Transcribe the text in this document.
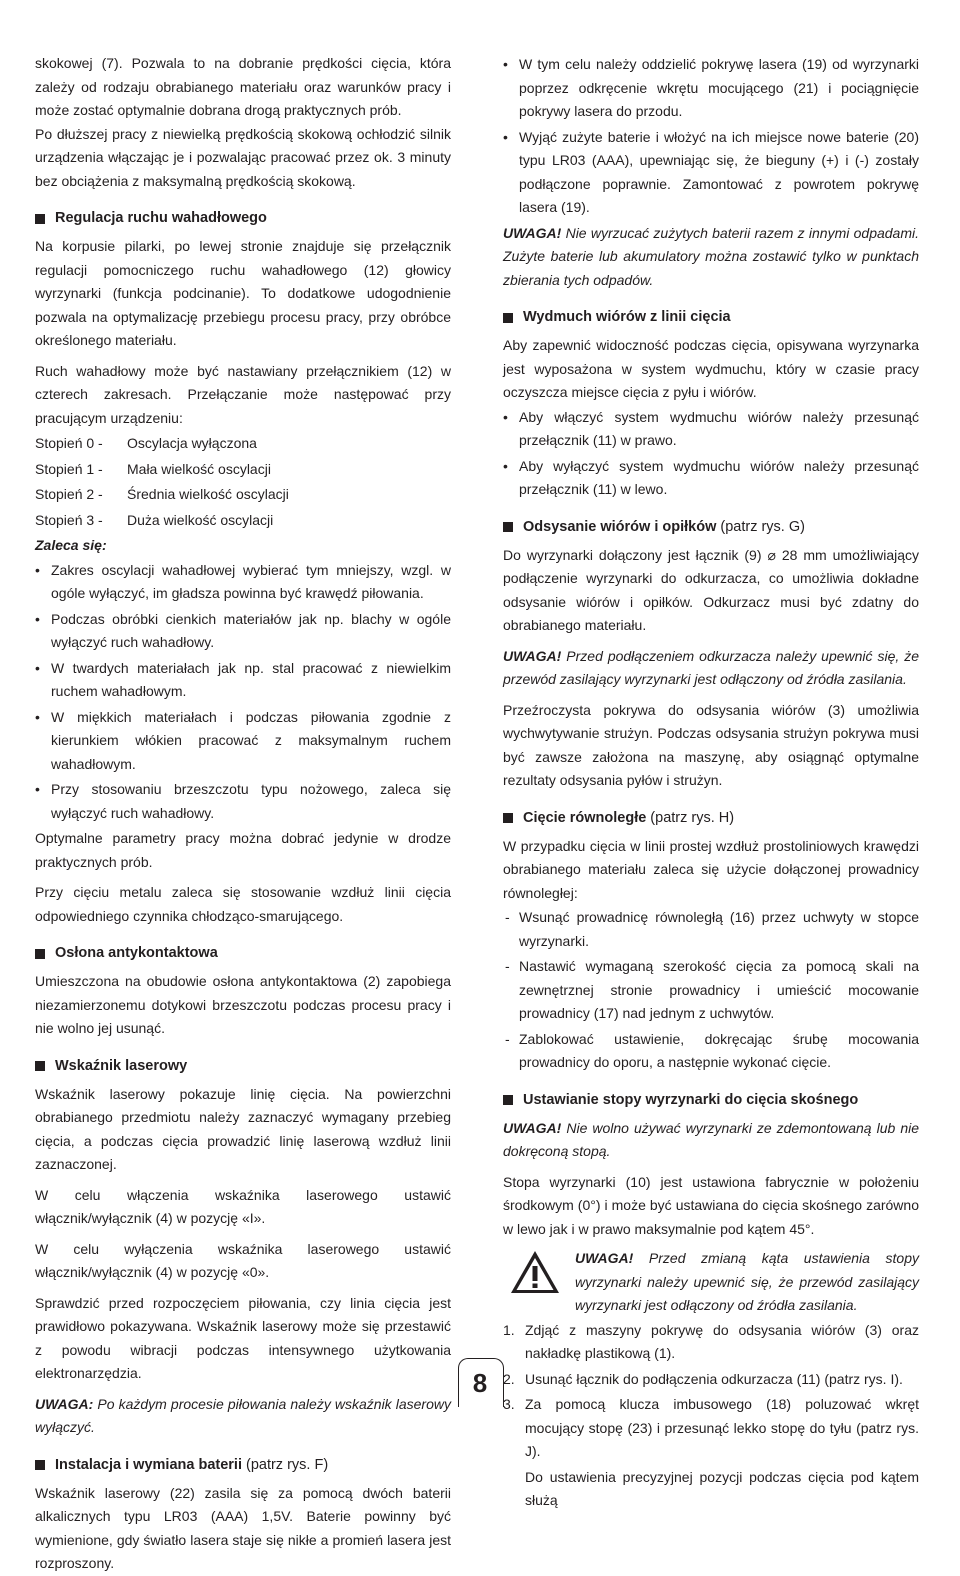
skokowej (7). Pozwala to na dobranie prędkości cięcia, która zależy od rodzaju obrabianego materiału oraz warunków pracy i może zostać optymalnie dobrana drogą praktycznych prób.

Po dłuższej pracy z niewielką prędkością skokową ochłodzić silnik urządzenia włączając je i pozwalając pracować przez ok. 3 minuty bez obciążenia z maksymalną prędkością skokową.

Regulacja ruchu wahadłowego

Na korpusie pilarki, po lewej stronie znajduje się przełącznik regulacji pomocniczego ruchu wahadłowego (12) głowicy wyrzynarki (funkcja podcinanie). To dodatkowe udogodnienie pozwala na optymalizację przebiegu procesu pracy, przy obróbce określonego materiału.

Ruch wahadłowy może być nastawiany przełącznikiem (12) w czterech zakresach. Przełączanie może następować przy pracującym urządzeniu:

Stopień 0 -	Oscylacja wyłączona
Stopień 1 -	Mała wielkość oscylacji
Stopień 2 -	Średnia wielkość oscylacji
Stopień 3 -	Duża wielkość oscylacji

Zaleca się:

• Zakres oscylacji wahadłowej wybierać tym mniejszy, wzgl. w ogóle wyłączyć, im gładsza powinna być krawędź piłowania.
• Podczas obróbki cienkich materiałów jak np. blachy w ogóle wyłączyć ruch wahadłowy.
• W twardych materiałach jak np. stal pracować z niewielkim ruchem wahadłowym.
• W miękkich materiałach i podczas piłowania zgodnie z kierunkiem włókien pracować z maksymalnym ruchem wahadłowym.
• Przy stosowaniu brzeszczotu typu nożowego, zaleca się wyłączyć ruch wahadłowy.

Optymalne parametry pracy można dobrać jedynie w drodze praktycznych prób.

Przy cięciu metalu zaleca się stosowanie wzdłuż linii cięcia odpowiedniego czynnika chłodząco-smarującego.

Osłona antykontaktowa

Umieszczona na obudowie osłona antykontaktowa (2) zapobiega niezamierzonemu dotykowi brzeszczotu podczas procesu pracy i nie wolno jej usunąć.

Wskaźnik laserowy

Wskaźnik laserowy pokazuje linię cięcia. Na powierzchni obrabianego przedmiotu należy zaznaczyć wymagany przebieg cięcia, a podczas cięcia prowadzić linię laserową wzdłuż linii zaznaczonej.

W celu włączenia wskaźnika laserowego ustawić włącznik/wyłącznik (4) w pozycję «I».

W celu wyłączenia wskaźnika laserowego ustawić włącznik/wyłącznik (4) w pozycję «0».

Sprawdzić przed rozpoczęciem piłowania, czy linia cięcia jest prawidłowo pokazywana. Wskaźnik laserowy może się przestawić z powodu wibracji podczas intensywnego użytkowania elektronarzędzia.

UWAGA: Po każdym procesie piłowania należy wskaźnik laserowy wyłączyć.

Instalacja i wymiana baterii (patrz rys. F)

Wskaźnik laserowy (22) zasila się za pomocą dwóch baterii alkalicznych typu LR03 (AAA) 1,5V. Baterie powinny być wymienione, gdy światło lasera staje się nikłe a promień lasera jest rozproszony.

• W tym celu należy oddzielić pokrywę lasera (19) od wyrzynarki poprzez odkręcenie wkrętu mocującego (21) i pociągnięcie pokrywy lasera do przodu.
• Wyjąć zużyte baterie i włożyć na ich miejsce nowe baterie (20) typu LR03 (AAA), upewniając się, że bieguny (+) i (-) zostały podłączone poprawnie. Zamontować z powrotem pokrywę lasera (19).

UWAGA! Nie wyrzucać zużytych baterii razem z innymi odpadami. Zużyte baterie lub akumulatory można zostawić tylko w punktach zbierania tych odpadów.

Wydmuch wiórów z linii cięcia

Aby zapewnić widoczność podczas cięcia, opisywana wyrzynarka jest wyposażona w system wydmuchu, który w czasie pracy oczyszcza miejsce cięcia z pyłu i wiórów.

• Aby włączyć system wydmuchu wiórów należy przesunąć przełącznik (11) w prawo.
• Aby wyłączyć system wydmuchu wiórów należy przesunąć przełącznik (11) w lewo.
Odsysanie wiórów i opiłków (patrz rys. G)

Do wyrzynarki dołączony jest łącznik (9) ⌀ 28 mm umożliwiający podłączenie wyrzynarki do odkurzacza, co umożliwia dokładne odsysanie wiórów i opiłków. Odkurzacz musi być zdatny do obrabianego materiału.

UWAGA! Przed podłączeniem odkurzacza należy upewnić się, że przewód zasilający wyrzynarki jest odłączony od źródła zasilania.

Przeźroczysta pokrywa do odsysania wiórów (3) umożliwia wychwytywanie strużyn. Podczas odsysania strużyn pokrywa musi być zawsze założona na maszynę, aby osiągnąć optymalne rezultaty odsysania pyłów i strużyn.

Cięcie równoległe (patrz rys. H)

W przypadku cięcia w linii prostej wzdłuż prostoliniowych krawędzi obrabianego materiału zaleca się użycie dołączonej prowadnicy równoległej:

- Wsunąć prowadnicę równoległą (16) przez uchwyty w stopce wyrzynarki.
- Nastawić wymaganą szerokość cięcia za pomocą skali na zewnętrznej stronie prowadnicy i umieścić mocowanie prowadnicy (17) nad jednym z uchwytów.
- Zablokować ustawienie, dokręcając śrubę mocowania prowadnicy do oporu, a następnie wykonać cięcie.
Ustawianie stopy wyrzynarki do cięcia skośnego

UWAGA! Nie wolno używać wyrzynarki ze zdemontowaną lub nie dokręconą stopą.

Stopa wyrzynarki (10) jest ustawiona fabrycznie w położeniu środkowym (0°) i może być ustawiana do cięcia skośnego zarówno w lewo jak i w prawo maksymalnie pod kątem 45°.

UWAGA! Przed zmianą kąta ustawienia stopy wyrzynarki należy upewnić się, że przewód zasilający wyrzynarki jest odłączony od źródła zasilania.

1. Zdjąć z maszyny pokrywę do odsysania wiórów (3) oraz nakładkę plastikową (1).
2. Usunąć łącznik do podłączenia odkurzacza (11) (patrz rys. I).
3. Za pomocą klucza imbusowego (18) poluzować wkręt mocujący stopę (23) i przesunąć lekko stopę do tyłu (patrz rys. J).

Do ustawienia precyzyjnej pozycji podczas cięcia pod kątem służą

8
